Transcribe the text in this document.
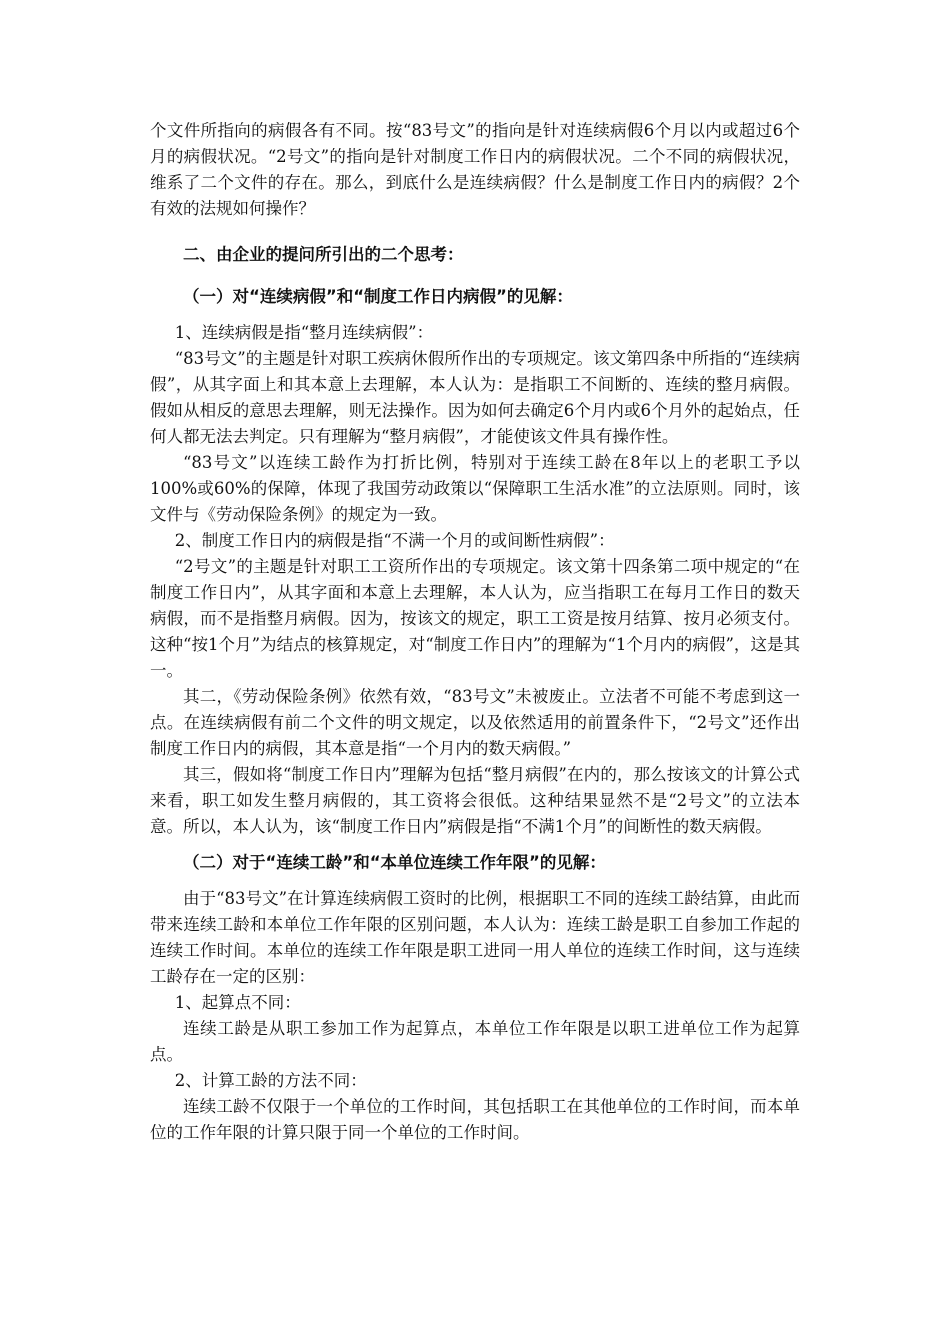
个文件所指向的病假各有不同。按“83号文”的指向是针对连续病假6个月以内或超过6个月的病假状况。“2号文”的指向是针对制度工作日内的病假状况。二个不同的病假状况，维系了二个文件的存在。那么，到底什么是连续病假？什么是制度工作日内的病假？2个有效的法规如何操作？

二、由企业的提问所引出的二个思考：
（一）对“连续病假”和“制度工作日内病假”的见解：

1、连续病假是指“整月连续病假”：

“83号文”的主题是针对职工疾病休假所作出的专项规定。该文第四条中所指的“连续病假”，从其字面上和其本意上去理解，本人认为：是指职工不间断的、连续的整月病假。假如从相反的意思去理解，则无法操作。因为如何去确定6个月内或6个月外的起始点，任何人都无法去判定。只有理解为“整月病假”，才能使该文件具有操作性。

“83号文”以连续工龄作为打折比例，特别对于连续工龄在8年以上的老职工予以100%或60%的保障，体现了我国劳动政策以“保障职工生活水准”的立法原则。同时，该文件与《劳动保险条例》的规定为一致。

2、制度工作日内的病假是指“不满一个月的或间断性病假”：

“2号文”的主题是针对职工工资所作出的专项规定。该文第十四条第二项中规定的“在制度工作日内”，从其字面和本意上去理解，本人认为，应当指职工在每月工作日的数天病假，而不是指整月病假。因为，按该文的规定，职工工资是按月结算、按月必须支付。这种“按1个月”为结点的核算规定，对“制度工作日内”的理解为“1个月内的病假”，这是其一。

其二，《劳动保险条例》依然有效，“83号文”未被废止。立法者不可能不考虑到这一点。在连续病假有前二个文件的明文规定，以及依然适用的前置条件下，“2号文”还作出制度工作日内的病假，其本意是指“一个月内的数天病假。”

其三，假如将“制度工作日内”理解为包括“整月病假”在内的，那么按该文的计算公式来看，职工如发生整月病假的，其工资将会很低。这种结果显然不是“2号文”的立法本意。所以，本人认为，该“制度工作日内”病假是指“不满1个月”的间断性的数天病假。

（二）对于“连续工龄”和“本单位连续工作年限”的见解：

由于“83号文”在计算连续病假工资时的比例，根据职工不同的连续工龄结算，由此而带来连续工龄和本单位工作年限的区别问题，本人认为：连续工龄是职工自参加工作起的连续工作时间。本单位的连续工作年限是职工进同一用人单位的连续工作时间，这与连续工龄存在一定的区别：

1、起算点不同：

连续工龄是从职工参加工作为起算点，本单位工作年限是以职工进单位工作为起算点。

2、计算工龄的方法不同：

连续工龄不仅限于一个单位的工作时间，其包括职工在其他单位的工作时间，而本单位的工作年限的计算只限于同一个单位的工作时间。
